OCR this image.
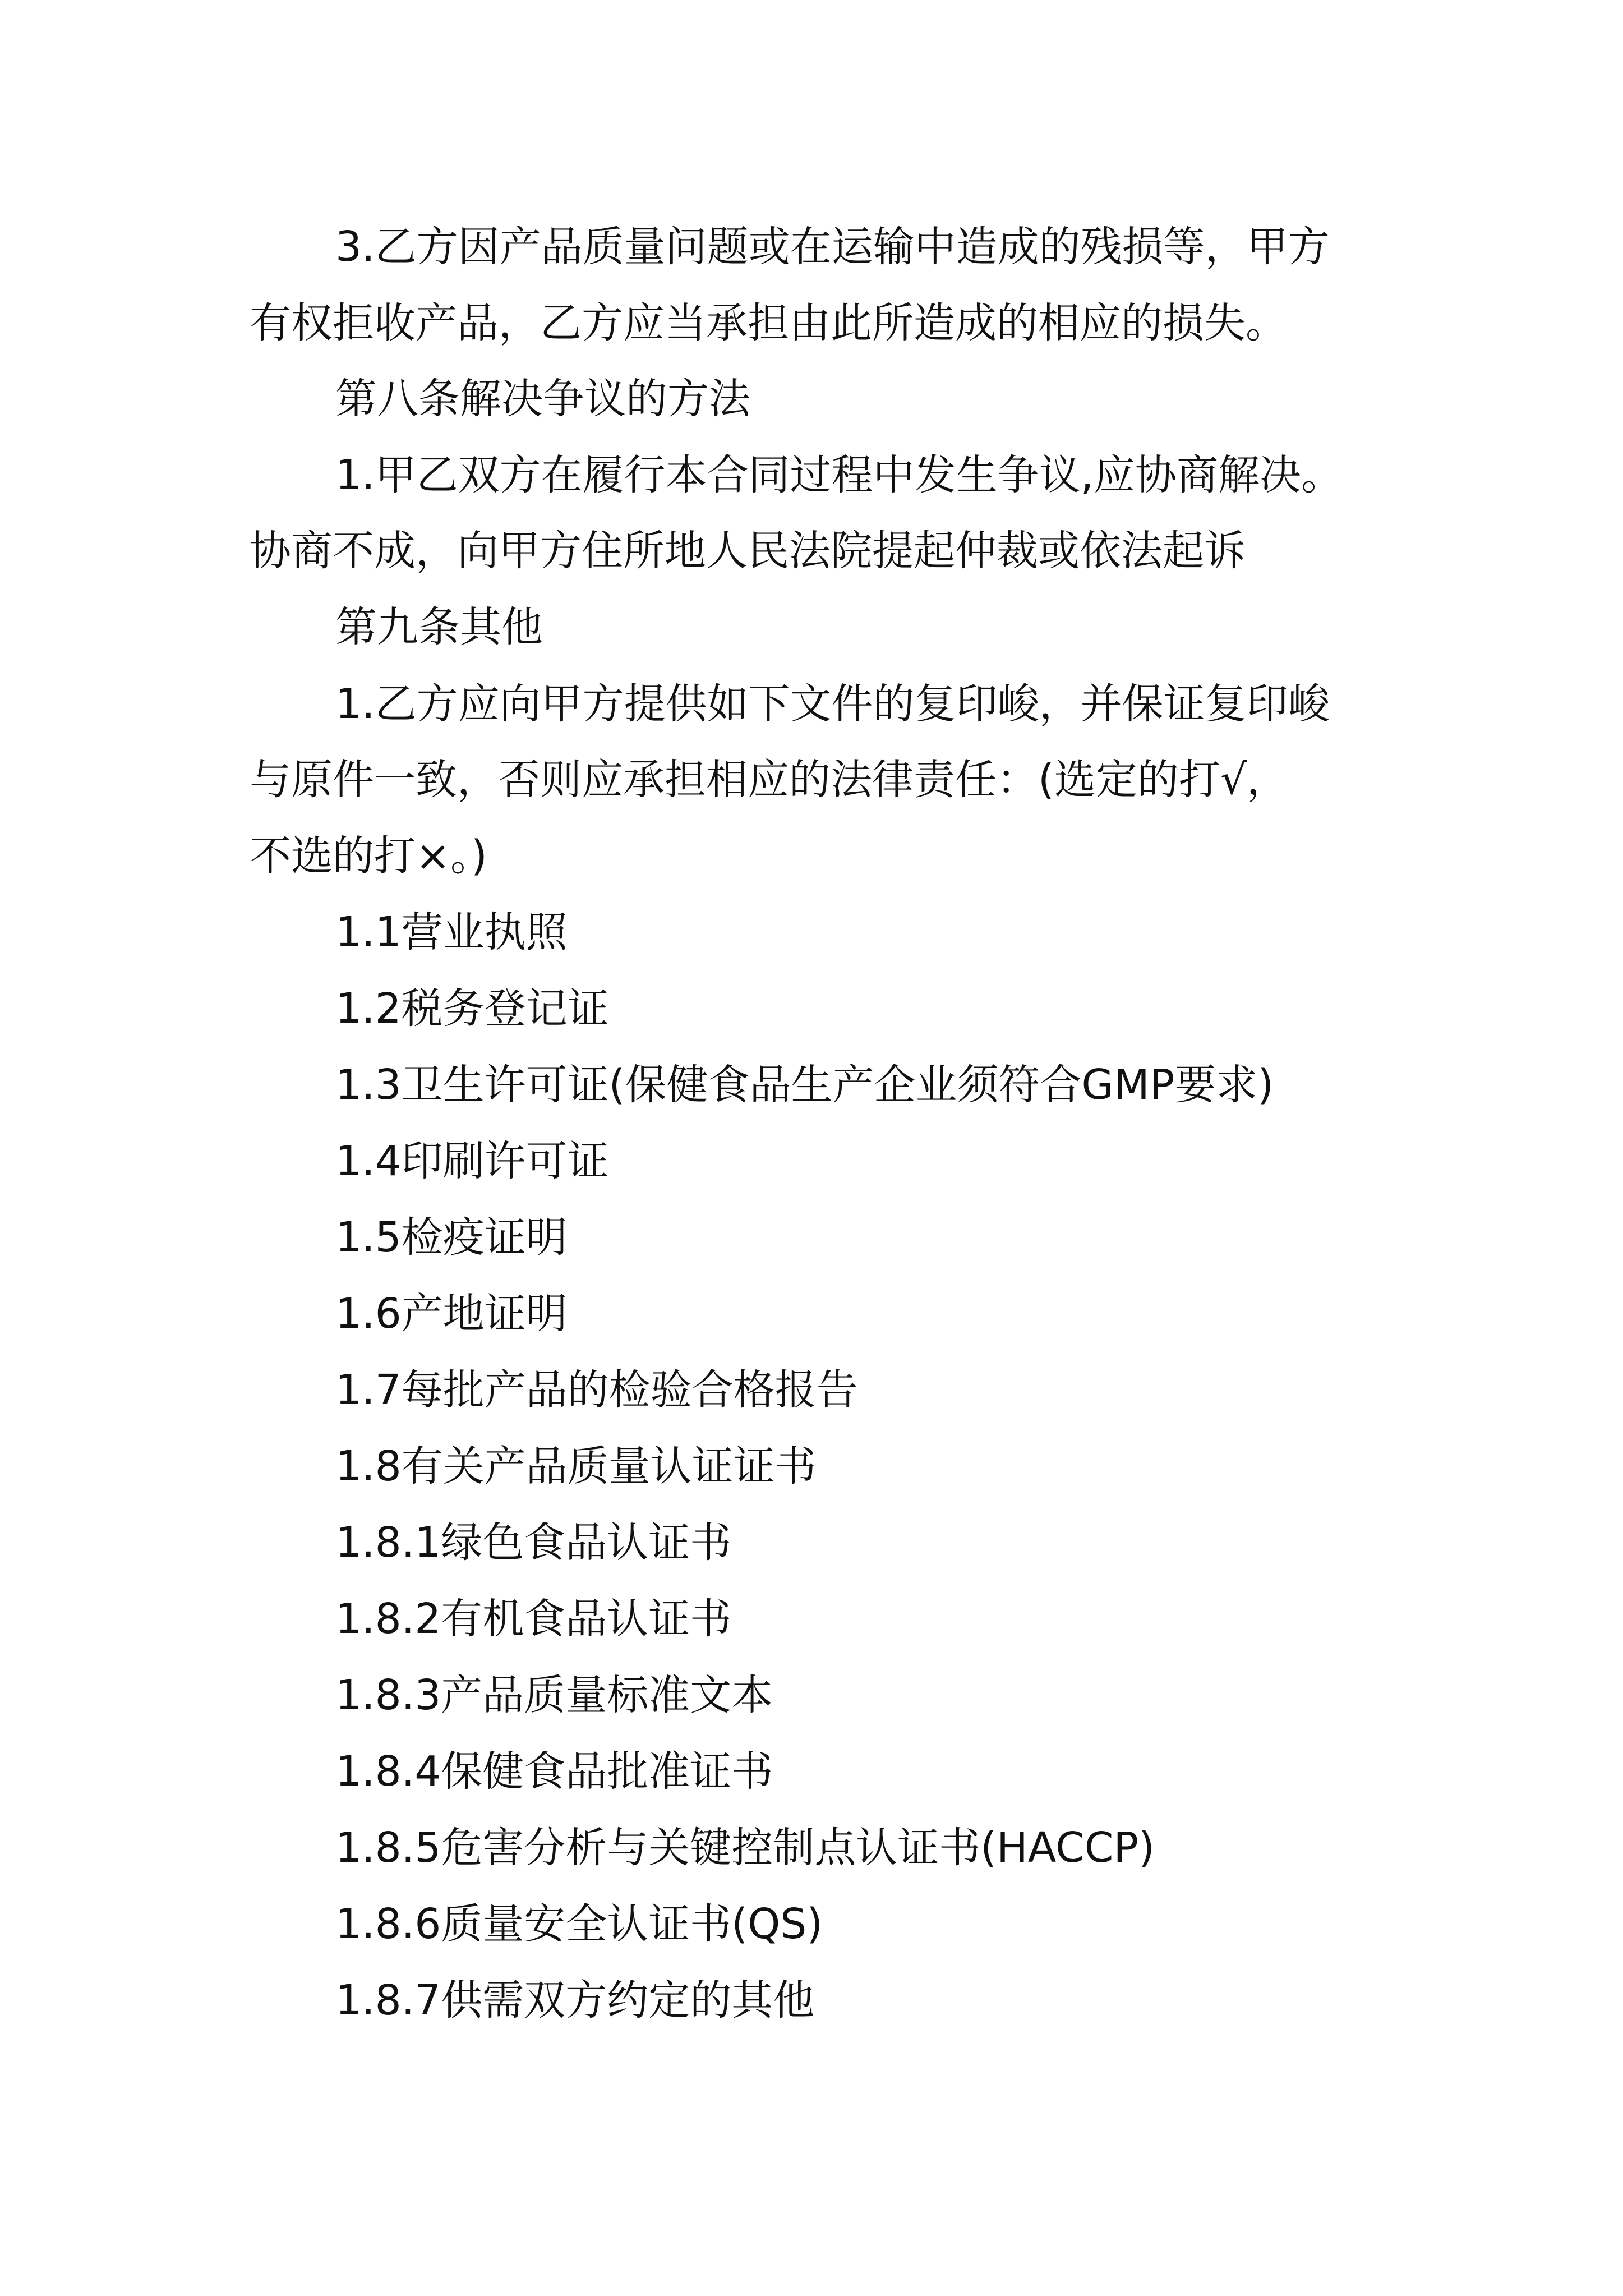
3.乙方因产品质量问题或在运输中造成的残损等，甲方

有权拒收产品，乙方应当承担由此所造成的相应的损失。

第八条解决争议的方法

1.甲乙双方在履行本合同过程中发生争议,应协商解决。

协商不成，向甲方住所地人民法院提起仲裁或依法起诉

第九条其他

1.乙方应向甲方提供如下文件的复印峻，并保证复印峻

与原件一致，否则应承担相应的法律责任：(选定的打√，

不选的打×。)

1.1营业执照

1.2税务登记证

1.3卫生许可证(保健食品生产企业须符合GMP要求)

1.4印刷许可证

1.5检疫证明

1.6产地证明

1.7每批产品的检验合格报告

1.8有关产品质量认证证书

1.8.1绿色食品认证书

1.8.2有机食品认证书

1.8.3产品质量标准文本

1.8.4保健食品批准证书

1.8.5危害分析与关键控制点认证书(HACCP)

1.8.6质量安全认证书(QS)

1.8.7供需双方约定的其他
